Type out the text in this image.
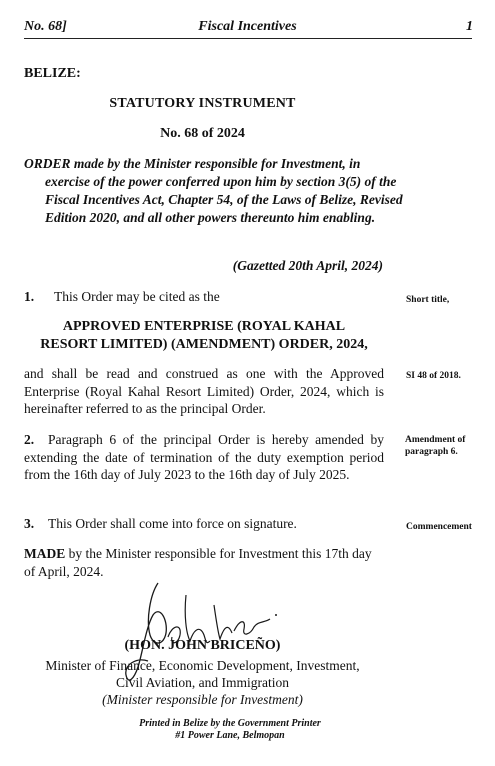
No. 68]	Fiscal Incentives	1
BELIZE:
STATUTORY INSTRUMENT
No. 68 of 2024
ORDER made by the Minister responsible for Investment, in exercise of the power conferred upon him by section 3(5) of the Fiscal Incentives Act, Chapter 54, of the Laws of Belize, Revised Edition 2020, and all other powers thereunto him enabling.
(Gazetted 20th April, 2024)
1. This Order may be cited as the
APPROVED ENTERPRISE (ROYAL KAHAL
RESORT LIMITED) (AMENDMENT) ORDER, 2024,
and shall be read and construed as one with the Approved Enterprise (Royal Kahal Resort Limited) Order, 2024, which is hereinafter referred to as the principal Order.
2. Paragraph 6 of the principal Order is hereby amended by extending the date of termination of the duty exemption period from the 16th day of July 2023 to the 16th day of July 2025.
3. This Order shall come into force on signature.
MADE by the Minister responsible for Investment this 17th day of April, 2024.
Short title,
SI 48 of 2018.
Amendment of
paragraph 6.
Commencement
(HON. JOHN BRICEÑO)
Minister of Finance, Economic Development, Investment,
Civil Aviation, and Immigration
(Minister responsible for Investment)
Printed in Belize by the Government Printer
#1 Power Lane, Belmopan
